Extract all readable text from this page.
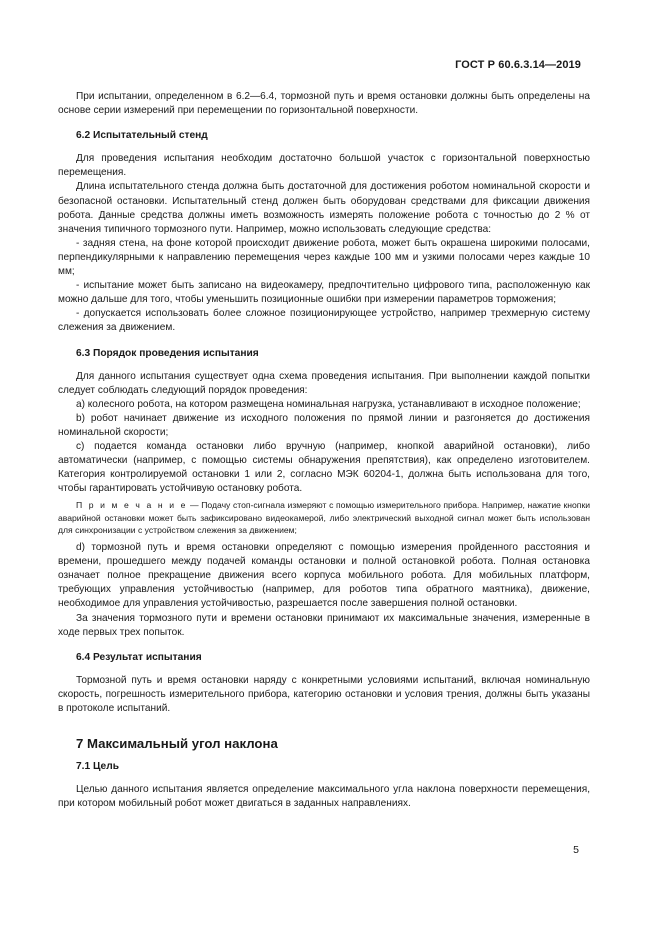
ГОСТ Р 60.6.3.14—2019

При испытании, определенном в 6.2—6.4, тормозной путь и время остановки должны быть определены на основе серии измерений при перемещении по горизонтальной поверхности.

6.2 Испытательный стенд

Для проведения испытания необходим достаточно большой участок с горизонтальной поверхностью перемещения.

Длина испытательного стенда должна быть достаточной для достижения роботом номинальной скорости и безопасной остановки. Испытательный стенд должен быть оборудован средствами для фиксации движения робота. Данные средства должны иметь возможность измерять положение робота с точностью до 2 % от значения типичного тормозного пути. Например, можно использовать следующие средства:

- задняя стена, на фоне которой происходит движение робота, может быть окрашена широкими полосами, перпендикулярными к направлению перемещения через каждые 100 мм и узкими полосами через каждые 10 мм;

- испытание может быть записано на видеокамеру, предпочтительно цифрового типа, расположенную как можно дальше для того, чтобы уменьшить позиционные ошибки при измерении параметров торможения;

- допускается использовать более сложное позиционирующее устройство, например трехмерную систему слежения за движением.

6.3 Порядок проведения испытания

Для данного испытания существует одна схема проведения испытания. При выполнении каждой попытки следует соблюдать следующий порядок проведения:

a) колесного робота, на котором размещена номинальная нагрузка, устанавливают в исходное положение;

b) робот начинает движение из исходного положения по прямой линии и разгоняется до достижения номинальной скорости;

c) подается команда остановки либо вручную (например, кнопкой аварийной остановки), либо автоматически (например, с помощью системы обнаружения препятствия), как определено изготовителем. Категория контролируемой остановки 1 или 2, согласно МЭК 60204-1, должна быть использована для того, чтобы гарантировать устойчивую остановку робота.

П р и м е ч а н и е — Подачу стоп-сигнала измеряют с помощью измерительного прибора. Например, нажатие кнопки аварийной остановки может быть зафиксировано видеокамерой, либо электрический выходной сигнал может быть использован для синхронизации с устройством слежения за движением;

d) тормозной путь и время остановки определяют с помощью измерения пройденного расстояния и времени, прошедшего между подачей команды остановки и полной остановкой робота. Полная остановка означает полное прекращение движения всего корпуса мобильного робота. Для мобильных платформ, требующих управления устойчивостью (например, для роботов типа обратного маятника), движение, необходимое для управления устойчивостью, разрешается после завершения полной остановки.

За значения тормозного пути и времени остановки принимают их максимальные значения, измеренные в ходе первых трех попыток.

6.4 Результат испытания

Тормозной путь и время остановки наряду с конкретными условиями испытаний, включая номинальную скорость, погрешность измерительного прибора, категорию остановки и условия трения, должны быть указаны в протоколе испытаний.

7 Максимальный угол наклона

7.1 Цель

Целью данного испытания является определение максимального угла наклона поверхности перемещения, при котором мобильный робот может двигаться в заданных направлениях.

5
